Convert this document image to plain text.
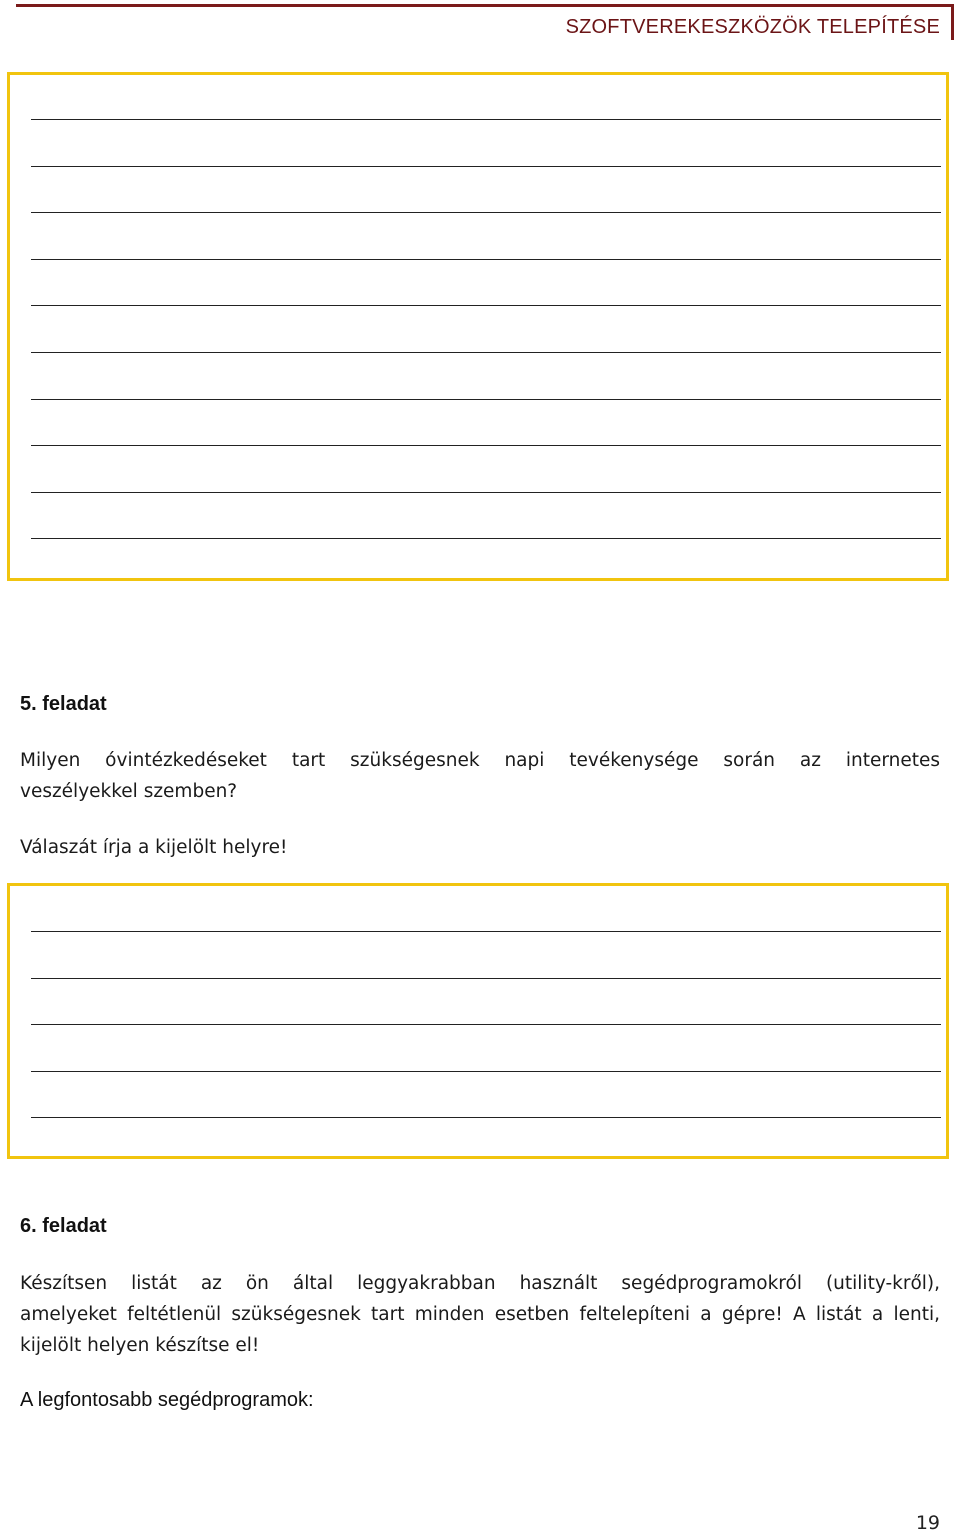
SZOFTVEREKESZKÖZÖK TELEPÍTÉSE
5. feladat
Milyen óvintézkedéseket tart szükségesnek napi tevékenysége során az internetes
veszélyekkel szemben?
Válaszát írja a kijelölt helyre!
6. feladat
Készítsen listát az ön által leggyakrabban használt segédprogramokról (utility-kről),
amelyeket feltétlenül szükségesnek tart minden esetben feltelepíteni a gépre! A listát a lenti,
kijelölt helyen készítse el!
A legfontosabb segédprogramok:
19
